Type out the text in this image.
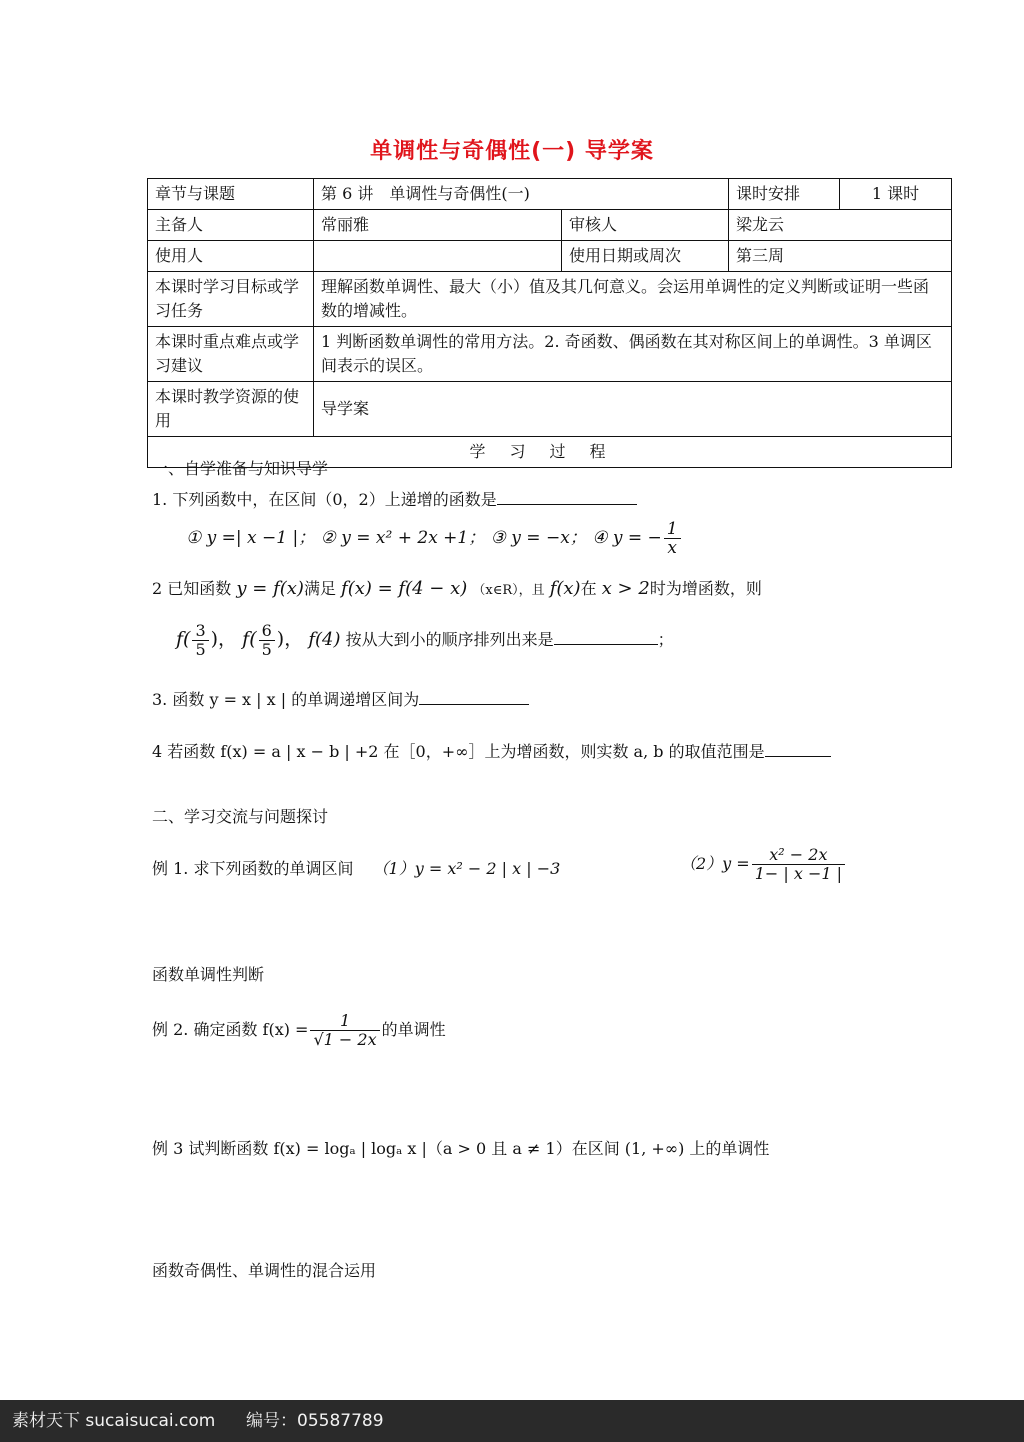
单调性与奇偶性(一) 导学案
章节与课题	第 6 讲　单调性与奇偶性(一)		课时安排	1 课时
主备人	常丽雅	审核人	梁龙云	
使用人		使用日期或周次	第三周	
本课时学习目标或学习任务	理解函数单调性、最大（小）值及其几何意义。会运用单调性的定义判断或证明一些函数的增减性。			
本课时重点难点或学习建议	1 判断函数单调性的常用方法。2. 奇函数、偶函数在其对称区间上的单调性。3 单调区间表示的误区。			
本课时教学资源的使用	导学案			
学习过程				
一、自学准备与知识导学
1. 下列函数中，在区间（0，2）上递增的函数是
① y =| x −1 |； ② y = x² + 2x +1； ③ y = −x； ④ y = − $\frac{1}{x}$
2 已知函数 y = f(x)满足 f(x) = f(4 − x) （x∈R），且 f(x)在 x > 2时为增函数，则
$f( \frac{3}{5}$ )， $f( \frac{6}{5}$ )， f(4) 按从大到小的顺序排列出来是	；
3. 函数 y = x | x | 的单调递增区间为
4 若函数 f(x) = a | x − b | +2 在［0，+∞］上为增函数，则实数 a, b 的取值范围是
二、学习交流与问题探讨
例 1. 求下列函数的单调区间 （1）y = x² − 2 | x | −3	$(2)y = \frac{\text{x² − 2x}}{1- | x -1 |}$
函数单调性判断
例 2. 确定函数 $f(x) = \frac{1}{√1 - 2x}$ 的单调性
例 3 试判断函数 f(x) = logₐ | logₐ x |（a > 0 且 a ≠ 1）在区间 (1, +∞) 上的单调性
函数奇偶性、单调性的混合运用
素材天下 sucaisucai.com 编号：05587789
